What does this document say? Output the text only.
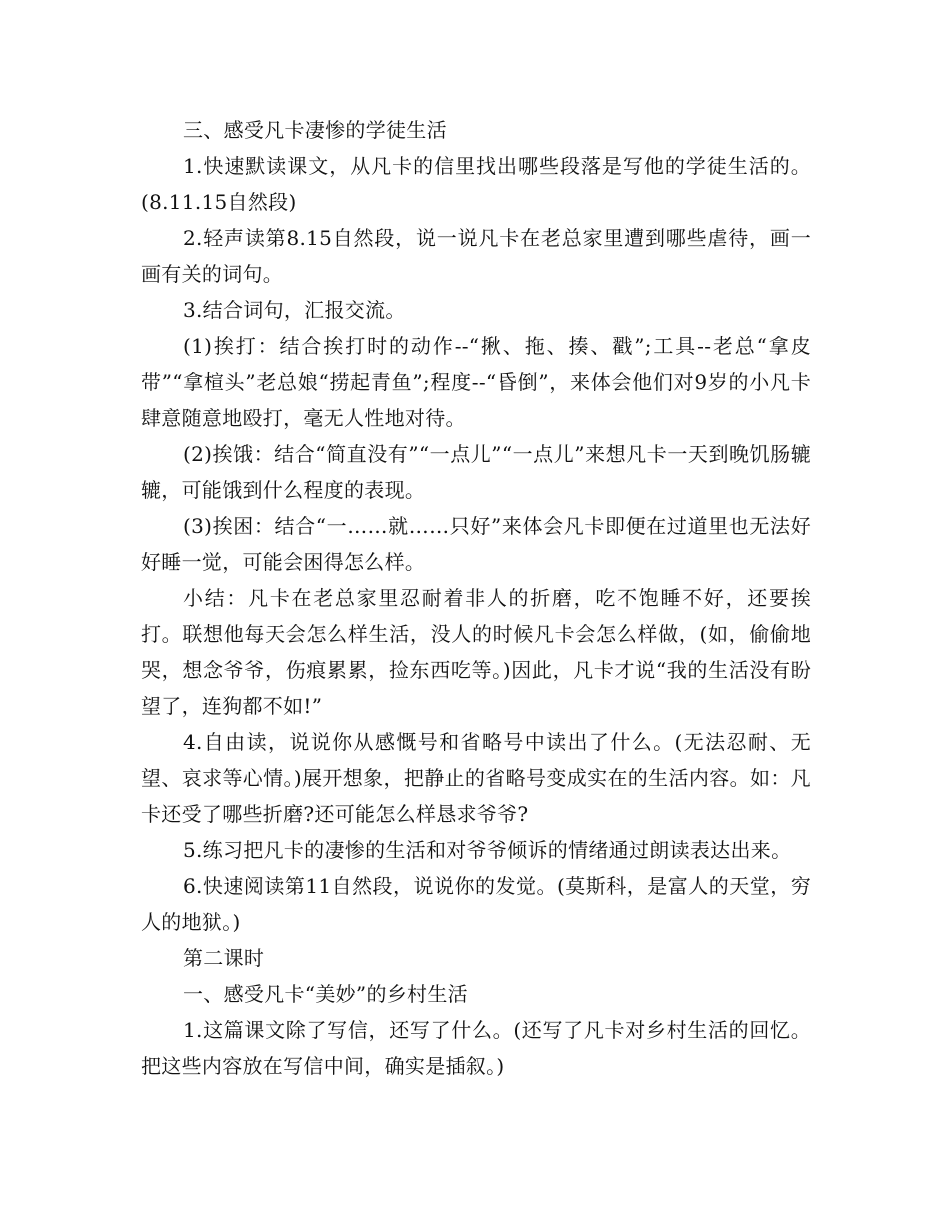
三、感受凡卡凄惨的学徒生活

1.快速默读课文，从凡卡的信里找出哪些段落是写他的学徒生活的。(8.11.15自然段)

2.轻声读第8.15自然段，说一说凡卡在老总家里遭到哪些虐待，画一画有关的词句。

3.结合词句，汇报交流。

(1)挨打：结合挨打时的动作--“揪、拖、揍、戳”;工具--老总“拿皮带”“拿楦头”老总娘“捞起青鱼”;程度--“昏倒”，来体会他们对9岁的小凡卡肆意随意地殴打，毫无人性地对待。

(2)挨饿：结合“简直没有”“一点儿”“一点儿”来想凡卡一天到晚饥肠辘辘，可能饿到什么程度的表现。

(3)挨困：结合“一……就……只好”来体会凡卡即便在过道里也无法好好睡一觉，可能会困得怎么样。

小结：凡卡在老总家里忍耐着非人的折磨，吃不饱睡不好，还要挨打。联想他每天会怎么样生活，没人的时候凡卡会怎么样做，(如，偷偷地哭，想念爷爷，伤痕累累，捡东西吃等。)因此，凡卡才说“我的生活没有盼望了，连狗都不如!”

4.自由读，说说你从感慨号和省略号中读出了什么。(无法忍耐、无望、哀求等心情。)展开想象，把静止的省略号变成实在的生活内容。如：凡卡还受了哪些折磨?还可能怎么样恳求爷爷?

5.练习把凡卡的凄惨的生活和对爷爷倾诉的情绪通过朗读表达出来。

6.快速阅读第11自然段，说说你的发觉。(莫斯科，是富人的天堂，穷人的地狱。)

第二课时

一、感受凡卡“美妙”的乡村生活

1.这篇课文除了写信，还写了什么。(还写了凡卡对乡村生活的回忆。把这些内容放在写信中间，确实是插叙。)
